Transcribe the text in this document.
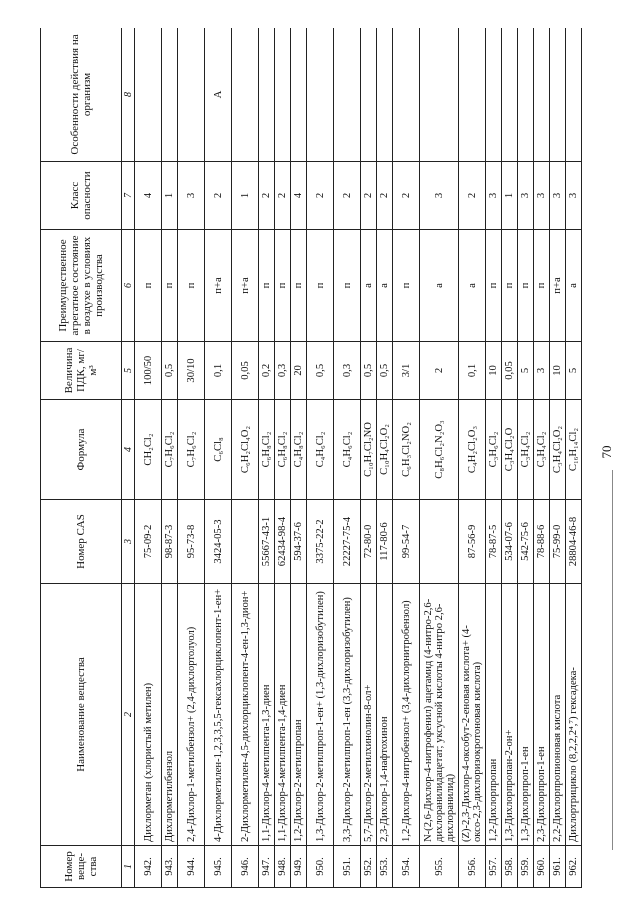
70
Номер веще-ства	Наименование вещества	Номер CAS	Формула	Величина ПДК, мг/м³	Преимущественное агрегатное состояние в воздухе в условиях производства	Класс опасности	Особенности действия на организм
1	2	3	4	5	6	7	8
942.	Дихлорметан (хлористый метилен)	75-09-2	CH₂Cl₂	100/50	п	4	
943.	Дихлорметилбензол	98-87-3	C₇H₆Cl₂	0,5	п	1	
944.	2,4-Дихлор-1-метилбензол+ (2,4-дихлортолуол)	95-73-8	C₇H₆Cl₂	30/10	п	3	
945.	4-Дихлорметилен-1,2,3,3,5,5-гексахлорциклопент-1-ен+	3424-05-3	C₆Cl₈	0,1	п+а	2	А
946.	2-Дихлорметилен-4,5-дихлорциклопент-4-ен-1,3-дион+		C₆H₂Cl₄O₂	0,05	п+а	1	
947.	1,1-Дихлор-4-метилпента-1,3-диен	55667-43-1	C₆H₈Cl₂	0,2	п	2	
948.	1,1-Дихлор-4-метилпента-1,4-диен	62434-98-4	C₆H₈Cl₂	0,3	п	2	
949.	1,2-Дихлор-2-метилпропан	594-37-6	C₄H₈Cl₂	20	п	4	
950.	1,3-Дихлор-2-метилпроп-1-ен+ (1,3-дихлоризобутилен)	3375-22-2	C₄H₆Cl₂	0,5	п	2	
951.	3,3-Дихлор-2-метилпроп-1-ен (3,3-дихлоризобутилен)	22227-75-4	C₄H₆Cl₂	0,3	п	2	
952.	5,7-Дихлор-2-метилхинолин-8-ол+	72-80-0	C₁₀H₇Cl₂NO	0,5	а	2	
953.	2,3-Дихлор-1,4-нафтохинон	117-80-6	C₁₀H₄Cl₂O₂	0,5	а	2	
954.	1,2-Дихлор-4-нитробензол+ (3,4-дихлорнитробензол)	99-54-7	C₆H₃Cl₂NO₂	3/1	п	2	
955.	N-(2,6-Дихлор-4-нитрофенил) ацетамид (4-нитро-2,6-дихлоранилидацетат; уксусной кислоты 4-нитро 2,6-дихлоранилид)		C₈H₆Cl₂N₂O₃	2	а	3	
956.	(Z)-2,3-Дихлор-4-оксобут-2-еновая кислота+ (4-оксо-2,3-дихлоризокротоновая кислота)	87-56-9	C₄H₂Cl₂O₃	0,1	а	2	
957.	1,2-Дихлорпропан	78-87-5	C₃H₆Cl₂	10	п	3	
958.	1,3-Дихлорпропан-2-он+	534-07-6	C₃H₄Cl₂O	0,05	п	1	
959.	1,3-Дихлорпроп-1-ен	542-75-6	C₃H₄Cl₂	5	п	3	
960.	2,3-Дихлорпроп-1-ен	78-88-6	C₃H₄Cl₂	3	п	3	
961.	2,2-Дихлорпропионовая кислота	75-99-0	C₃H₄Cl₂O₂	10	п+а	3	
962.	Дихлортрицикло (8,2,2,2⁴,⁷) гексадека-	28804-46-8	C₁₆H₁₄Cl₂	5	а	3	
